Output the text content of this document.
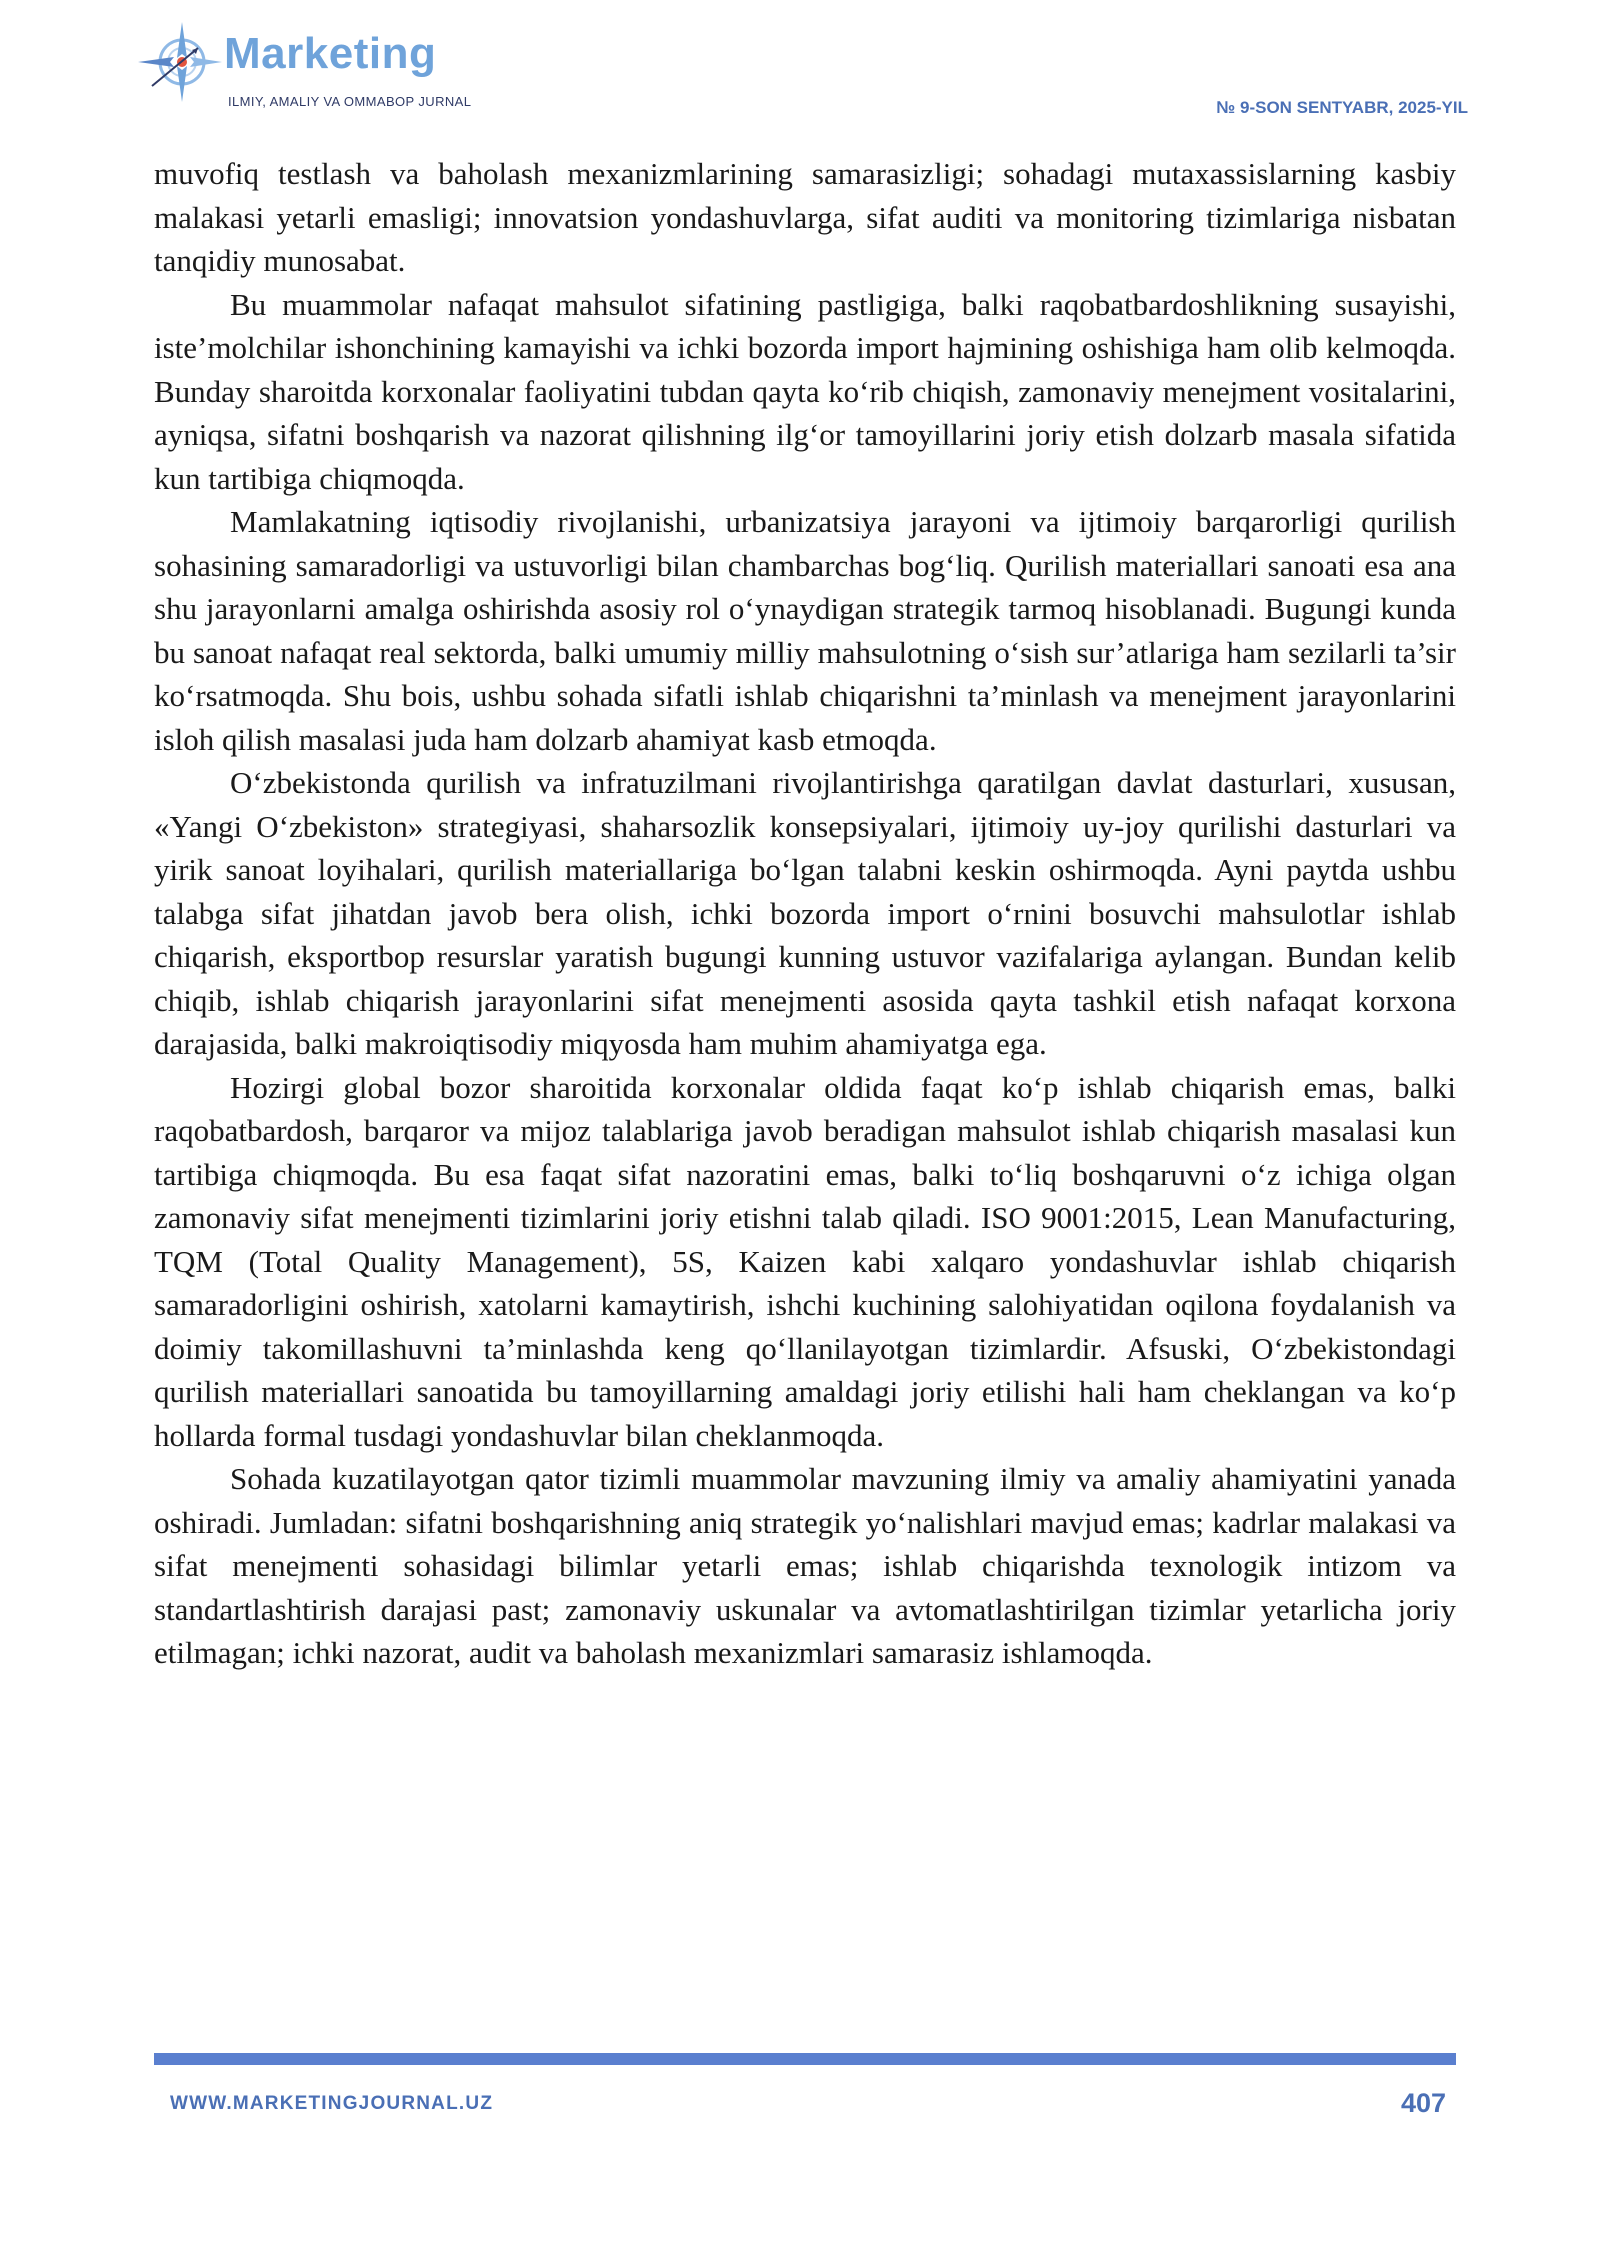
Marketing
ILMIY, AMALIY VA OMMABOP JURNAL	№ 9-SON SENTYABR, 2025-YIL

muvofiq testlash va baholash mexanizmlarining samarasizligi; sohadagi mutaxassislarning kasbiy malakasi yetarli emasligi; innovatsion yondashuvlarga, sifat auditi va monitoring tizimlariga nisbatan tanqidiy munosabat.

Bu muammolar nafaqat mahsulot sifatining pastligiga, balki raqobatbardoshlikning susayishi, iste’molchilar ishonchining kamayishi va ichki bozorda import hajmining oshishiga ham olib kelmoqda. Bunday sharoitda korxonalar faoliyatini tubdan qayta ko‘rib chiqish, zamonaviy menejment vositalarini, ayniqsa, sifatni boshqarish va nazorat qilishning ilg‘or tamoyillarini joriy etish dolzarb masala sifatida kun tartibiga chiqmoqda.

Mamlakatning iqtisodiy rivojlanishi, urbanizatsiya jarayoni va ijtimoiy barqarorligi qurilish sohasining samaradorligi va ustuvorligi bilan chambarchas bog‘liq. Qurilish materiallari sanoati esa ana shu jarayonlarni amalga oshirishda asosiy rol o‘ynaydigan strategik tarmoq hisoblanadi. Bugungi kunda bu sanoat nafaqat real sektorda, balki umumiy milliy mahsulotning o‘sish sur’atlariga ham sezilarli ta’sir ko‘rsatmoqda. Shu bois, ushbu sohada sifatli ishlab chiqarishni ta’minlash va menejment jarayonlarini isloh qilish masalasi juda ham dolzarb ahamiyat kasb etmoqda.

O‘zbekistonda qurilish va infratuzilmani rivojlantirishga qaratilgan davlat dasturlari, xususan, «Yangi O‘zbekiston» strategiyasi, shaharsozlik konsepsiyalari, ijtimoiy uy-joy qurilishi dasturlari va yirik sanoat loyihalari, qurilish materiallariga bo‘lgan talabni keskin oshirmoqda. Ayni paytda ushbu talabga sifat jihatdan javob bera olish, ichki bozorda import o‘rnini bosuvchi mahsulotlar ishlab chiqarish, eksportbop resurslar yaratish bugungi kunning ustuvor vazifalariga aylangan. Bundan kelib chiqib, ishlab chiqarish jarayonlarini sifat menejmenti asosida qayta tashkil etish nafaqat korxona darajasida, balki makroiqtisodiy miqyosda ham muhim ahamiyatga ega.

Hozirgi global bozor sharoitida korxonalar oldida faqat ko‘p ishlab chiqarish emas, balki raqobatbardosh, barqaror va mijoz talablariga javob beradigan mahsulot ishlab chiqarish masalasi kun tartibiga chiqmoqda. Bu esa faqat sifat nazoratini emas, balki to‘liq boshqaruvni o‘z ichiga olgan zamonaviy sifat menejmenti tizimlarini joriy etishni talab qiladi. ISO 9001:2015, Lean Manufacturing, TQM (Total Quality Management), 5S, Kaizen kabi xalqaro yondashuvlar ishlab chiqarish samaradorligini oshirish, xatolarni kamaytirish, ishchi kuchining salohiyatidan oqilona foydalanish va doimiy takomillashuvni ta’minlashda keng qo‘llanilayotgan tizimlardir. Afsuski, O‘zbekistondagi qurilish materiallari sanoatida bu tamoyillarning amaldagi joriy etilishi hali ham cheklangan va ko‘p hollarda formal tusdagi yondashuvlar bilan cheklanmoqda.

Sohada kuzatilayotgan qator tizimli muammolar mavzuning ilmiy va amaliy ahamiyatini yanada oshiradi. Jumladan: sifatni boshqarishning aniq strategik yo‘nalishlari mavjud emas; kadrlar malakasi va sifat menejmenti sohasidagi bilimlar yetarli emas; ishlab chiqarishda texnologik intizom va standartlashtirish darajasi past; zamonaviy uskunalar va avtomatlashtirilgan tizimlar yetarlicha joriy etilmagan; ichki nazorat, audit va baholash mexanizmlari samarasiz ishlamoqda.

WWW.MARKETINGJOURNAL.UZ	407
